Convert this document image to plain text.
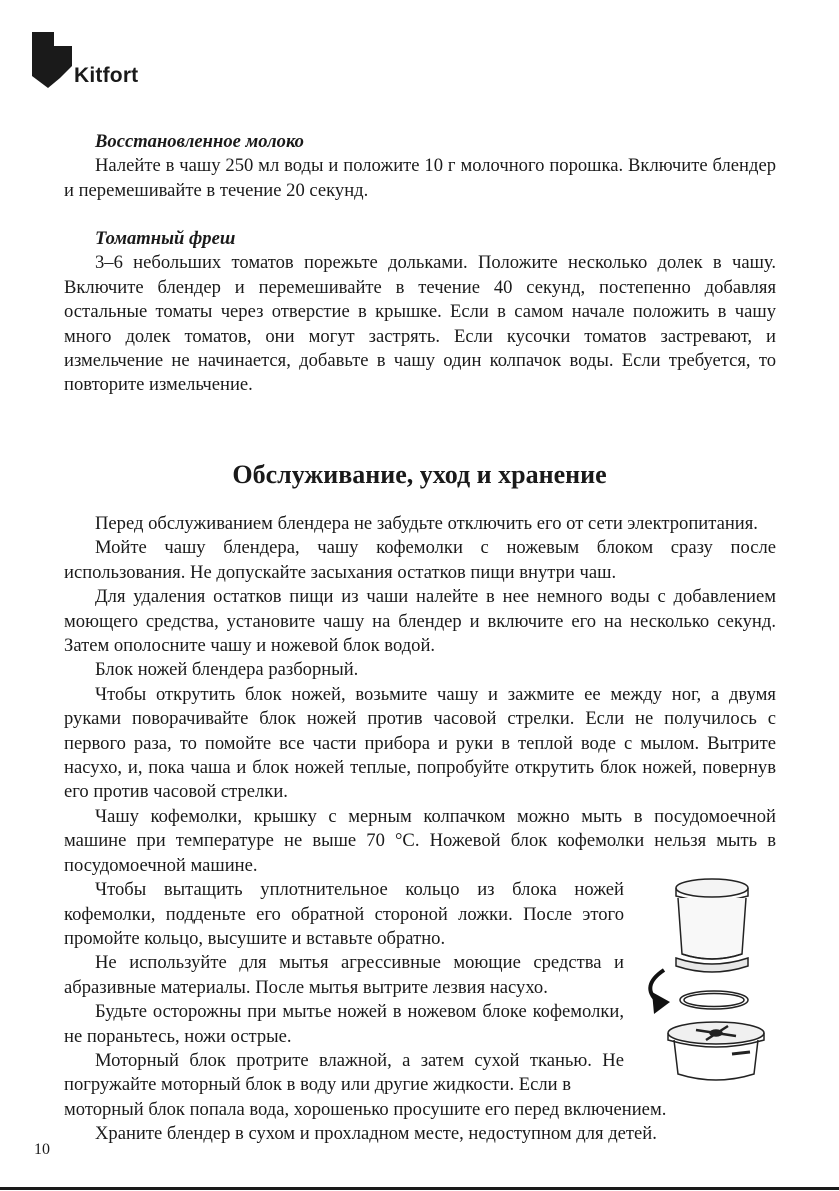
Kitfort
Восстановленное молоко

Налейте в чашу 250 мл воды и положите 10 г молочного порошка. Включите блендер и перемешивайте в течение 20 секунд.

Томатный фреш

3–6 небольших томатов порежьте дольками. Положите несколько долек в чашу. Включите блендер и перемешивайте в течение 40 секунд, постепенно добавляя остальные томаты через отверстие в крышке. Если в самом начале положить в чашу много долек томатов, они могут застрять. Если кусочки томатов застревают, и измельчение не начинается, добавьте в чашу один колпачок воды. Если требуется, то повторите измельчение.

Обслуживание, уход и хранение

Перед обслуживанием блендера не забудьте отключить его от сети электропитания.

Мойте чашу блендера, чашу кофемолки с ножевым блоком сразу после использования. Не допускайте засыхания остатков пищи внутри чаш.

Для удаления остатков пищи из чаши налейте в нее немного воды с добавлением моющего средства, установите чашу на блендер и включите его на несколько секунд. Затем ополосните чашу и ножевой блок водой.

Блок ножей блендера разборный.

Чтобы открутить блок ножей, возьмите чашу и зажмите ее между ног, а двумя руками поворачивайте блок ножей против часовой стрелки. Если не получилось с первого раза, то помойте все части прибора и руки в теплой воде с мылом. Вытрите насухо, и, пока чаша и блок ножей теплые, попробуйте открутить блок ножей, повернув его против часовой стрелки.

Чашу кофемолки, крышку с мерным колпачком можно мыть в посудомоечной машине при температуре не выше 70 °С. Ножевой блок кофемолки нельзя мыть в посудомоечной машине.

Чтобы вытащить уплотнительное кольцо из блока ножей кофемолки, подденьте его обратной стороной ложки. После этого промойте кольцо, высушите и вставьте обратно.

Не используйте для мытья агрессивные моющие средства и абразивные материалы. После мытья вытрите лезвия насухо.

Будьте осторожны при мытье ножей в ножевом блоке кофемолки, не пораньтесь, ножи острые.

Моторный блок протрите влажной, а затем сухой тканью. Не погружайте моторный блок в воду или другие жидкости. Если в

моторный блок попала вода, хорошенько просушите его перед включением.

Храните блендер в сухом и прохладном месте, недоступном для детей.

10
